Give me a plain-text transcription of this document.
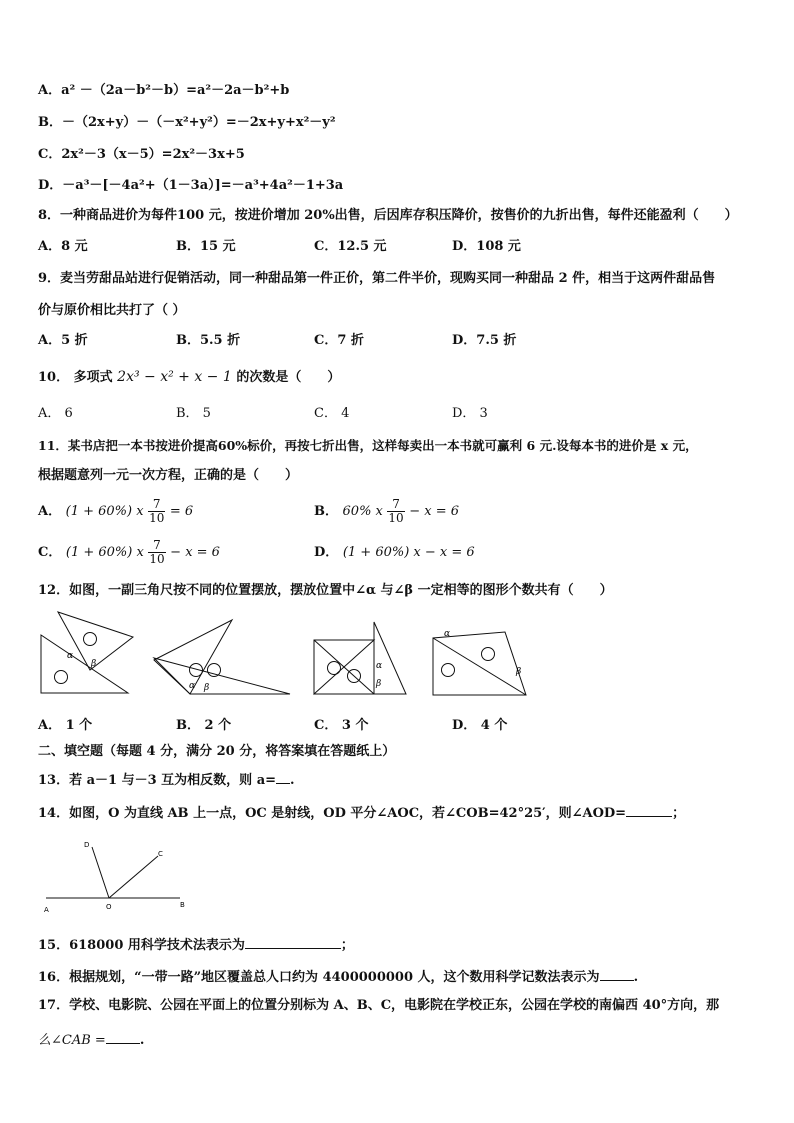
A．a² －（2a－b²－b）=a²－2a－b²+b
B．－（2x+y）－（－x²+y²）=－2x+y+x²－y²
C．2x²－3（x－5）=2x²－3x+5
D．－a³－[－4a²+（1－3a）]=－a³+4a²－1+3a
8．一种商品进价为每件100 元，按进价增加 20%出售，后因库存积压降价，按售价的九折出售，每件还能盈利（　　）
A．8 元	B．15 元	C．12.5 元	D．108 元
9．麦当劳甜品站进行促销活动，同一种甜品第一件正价，第二件半价，现购买同一种甜品 2 件，相当于这两件甜品售
价与原价相比共打了（ ）
A．5 折	B．5.5 折	C．7 折	D．7.5 折
10． 多项式 2x³ − x² + x − 1 的次数是（　　）
A． 6	B． 5	C． 4	D． 3
11．某书店把一本书按进价提高60%标价，再按七折出售，这样每卖出一本书就可赢利 6 元.设每本书的进价是 x 元，
根据题意列一元一次方程，正确的是（　　）
A． (1 + 60%) x $\frac{7}{10} = 6$	B． 60% x $\frac{7}{10} - x = 6$
C． (1 + 60%) x $\frac{7}{10} - x = 6$	D． (1 + 60%) x − x = 6
12．如图，一副三角尺按不同的位置摆放，摆放位置中∠α 与∠β 一定相等的图形个数共有（　　）
α
β
α β
α
β
α
β
A． 1 个	B． 2 个	C． 3 个	D． 4 个
二、填空题（每题 4 分，满分 20 分，将答案填在答题纸上）
13．若 a－1 与－3 互为相反数，则 a= .
14．如图，O 为直线 AB 上一点，OC 是射线，OD 平分∠AOC，若∠COB=42°25′，则∠AOD=	；
D
C
A	O	B
15．618000 用科学技术法表示为	；
16．根据规划，“一带一路”地区覆盖总人口约为 4400000000 人，这个数用科学记数法表示为	.
17．学校、电影院、公园在平面上的位置分别标为 A、B、C，电影院在学校正东，公园在学校的南偏西 40°方向，那
么∠CAB =	.
